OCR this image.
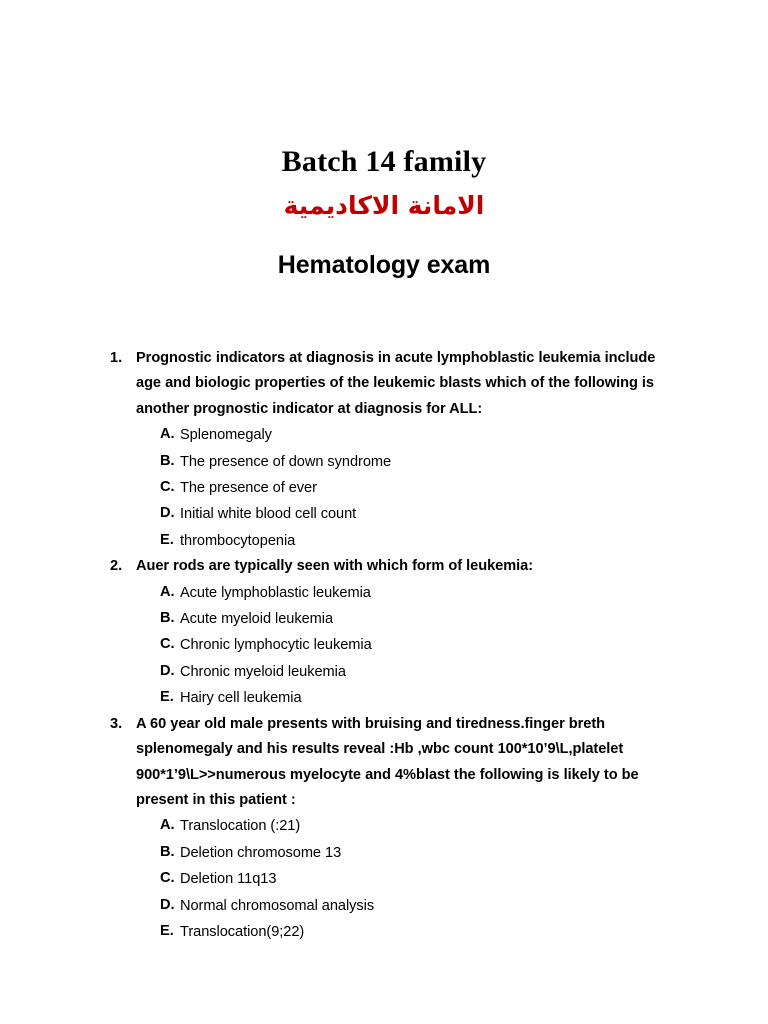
Batch 14 family
الامانة الاكاديمية
Hematology exam
1. Prognostic indicators at diagnosis in acute lymphoblastic leukemia include age and biologic properties of the leukemic blasts which of the following is another prognostic indicator at diagnosis for ALL:
A. Splenomegaly
B. The presence of down syndrome
C. The presence of ever
D. Initial white blood cell count
E. thrombocytopenia
2. Auer rods are typically seen with which form of leukemia:
A. Acute lymphoblastic leukemia
B. Acute myeloid leukemia
C. Chronic lymphocytic leukemia
D. Chronic myeloid leukemia
E. Hairy cell leukemia
3. A 60 year old male presents with bruising and tiredness.finger breth splenomegaly and his results reveal :Hb ,wbc count 100*10’9\L,platelet 900*1’9\L>>numerous myelocyte and 4%blast the following is likely to be present in this patient :
A. Translocation (:21)
B. Deletion chromosome 13
C. Deletion 11q13
D. Normal chromosomal analysis
E. Translocation(9;22)
